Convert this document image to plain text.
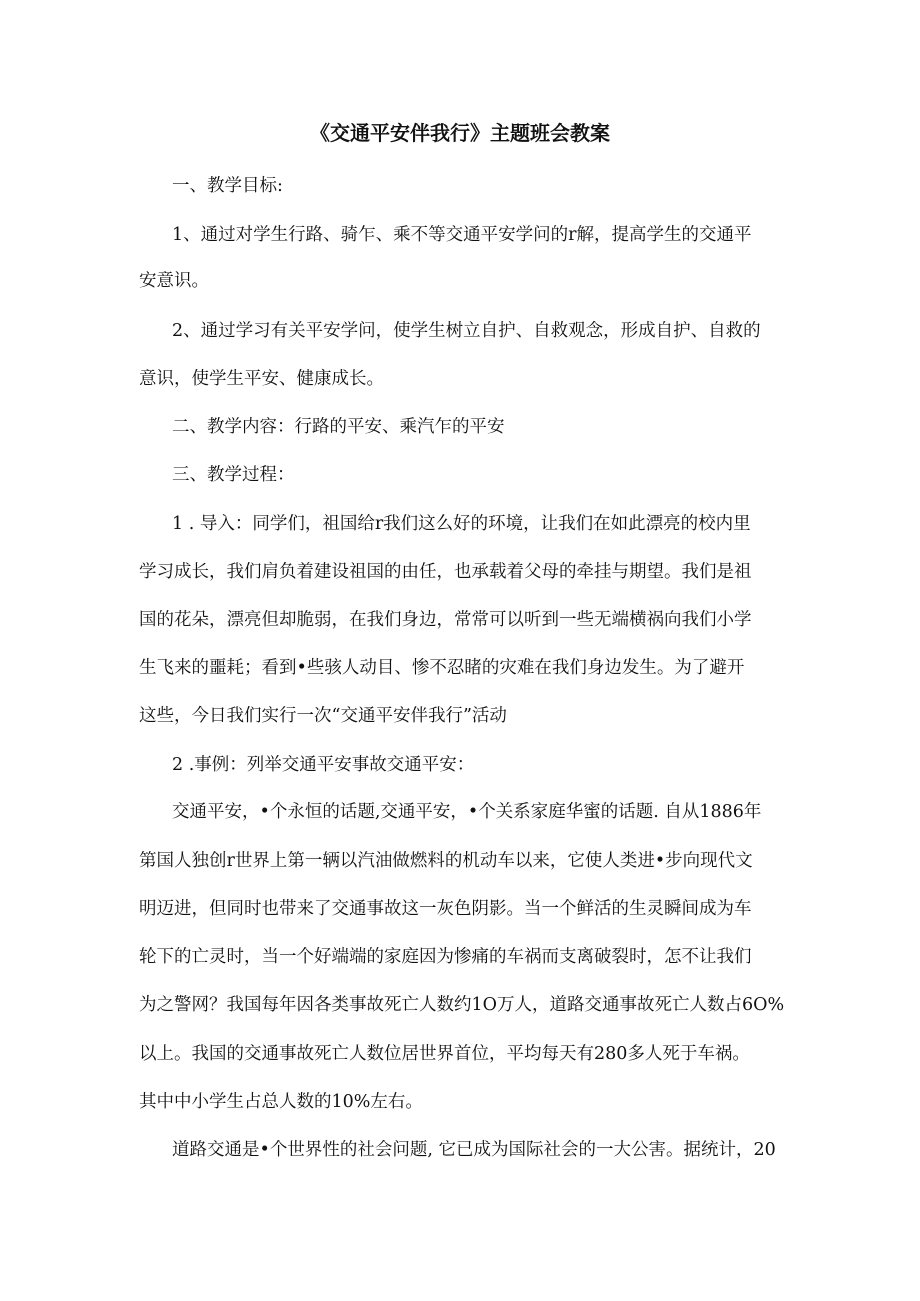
《交通平安伴我行》主题班会教案
一、教学目标:
1、通过对学生行路、骑乍、乘不等交通平安学问的r解，提高学生的交通平
安意识。
2、通过学习有关平安学问，使学生树立自护、自救观念，形成自护、自救的
意识，使学生平安、健康成长。
二、教学内容：行路的平安、乘汽乍的平安
三、教学过程：
1 . 导入：同学们，祖国给r我们这么好的环境，让我们在如此漂亮的校内里
学习成长，我们肩负着建设祖国的由任，也承载着父母的牵挂与期望。我们是祖
国的花朵，漂亮但却脆弱，在我们身边，常常可以听到一些无端横祸向我们小学
生飞来的噩耗；看到•些骇人动目、惨不忍睹的灾难在我们身边发生。为了避开
这些，今日我们实行一次“交通平安伴我行”活动
2 .事例：列举交通平安事故交通平安：
交通平安，•个永恒的话题,交通平安，•个关系家庭华蜜的话题. 自从1886年
第国人独创r世界上第一辆以汽油做燃料的机动车以来，它使人类进•步向现代文
明迈进，但同时也带来了交通事故这一灰色阴影。当一个鲜活的生灵瞬间成为车
轮下的亡灵时，当一个好端端的家庭因为惨痛的车祸而支离破裂时，怎不让我们
为之警网？我国每年因各类事故死亡人数约1O万人，道路交通事故死亡人数占6O%
以上。我国的交通事故死亡人数位居世界首位，平均每天有280多人死于车祸。
其中中小学生占总人数的10%左右。
道路交通是•个世界性的社会问题, 它已成为国际社会的一大公害。据统计，20
